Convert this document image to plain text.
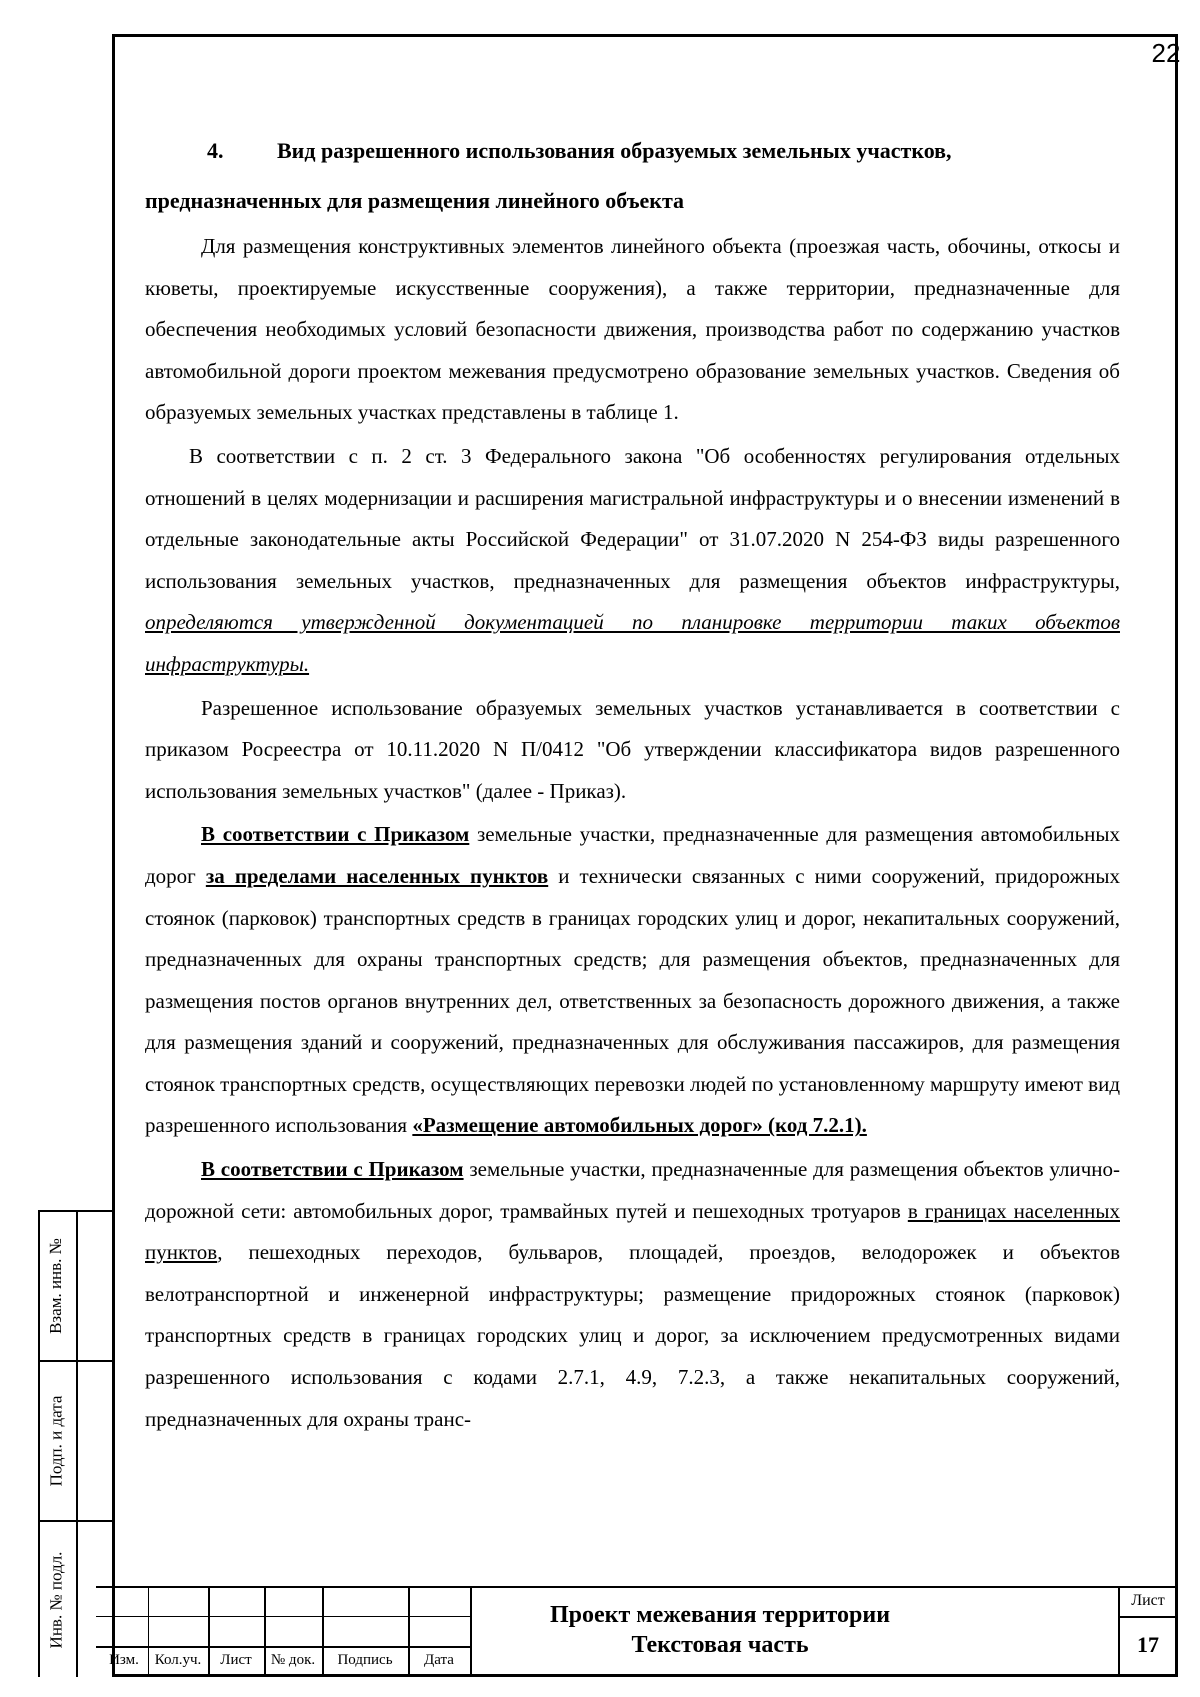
22
4. Вид разрешенного использования образуемых земельных участков,
предназначенных для размещения линейного объекта

Для размещения конструктивных элементов линейного объекта (проезжая часть, обочины, откосы и кюветы, проектируемые искусственные сооружения), а также территории, предназначенные для обеспечения необходимых условий безопасности движения, производства работ по содержанию участков автомобильной дороги проектом межевания предусмотрено образование земельных участков. Сведения об образуемых земельных участках представлены в таблице 1.

В соответствии с п. 2 ст. 3 Федерального закона "Об особенностях регулирования отдельных отношений в целях модернизации и расширения магистральной инфраструктуры и о внесении изменений в отдельные законодательные акты Российской Федерации" от 31.07.2020 N 254-ФЗ виды разрешенного использования земельных участков, предназначенных для размещения объектов инфраструктуры, определяются утвержденной документацией по планировке территории таких объектов инфраструктуры.

Разрешенное использование образуемых земельных участков устанавливается в соответствии с приказом Росреестра от 10.11.2020 N П/0412 "Об утверждении классификатора видов разрешенного использования земельных участков" (далее - Приказ).

В соответствии с Приказом земельные участки, предназначенные для размещения автомобильных дорог за пределами населенных пунктов и технически связанных с ними сооружений, придорожных стоянок (парковок) транспортных средств в границах городских улиц и дорог, некапитальных сооружений, предназначенных для охраны транспортных средств; для размещения объектов, предназначенных для размещения постов органов внутренних дел, ответственных за безопасность дорожного движения, а также для размещения зданий и сооружений, предназначенных для обслуживания пассажиров, для размещения стоянок транспортных средств, осуществляющих перевозки людей по установленному маршруту имеют вид разрешенного использования «Размещение автомобильных дорог» (код 7.2.1).

В соответствии с Приказом земельные участки, предназначенные для размещения объектов улично-дорожной сети: автомобильных дорог, трамвайных путей и пешеходных тротуаров в границах населенных пунктов, пешеходных переходов, бульваров, площадей, проездов, велодорожек и объектов велотранспортной и инженерной инфраструктуры; размещение придорожных стоянок (парковок) транспортных средств в границах городских улиц и дорог, за исключением предусмотренных видами разрешенного использования с кодами 2.7.1, 4.9, 7.2.3, а также некапитальных сооружений, предназначенных для охраны транс-

Взам. инв. №
Подп. и дата
Инв. № подл.
Изм.	Кол.уч.	Лист	№ док.	Подпись	Дата
Проект межевания территории
Текстовая часть
Лист
17
